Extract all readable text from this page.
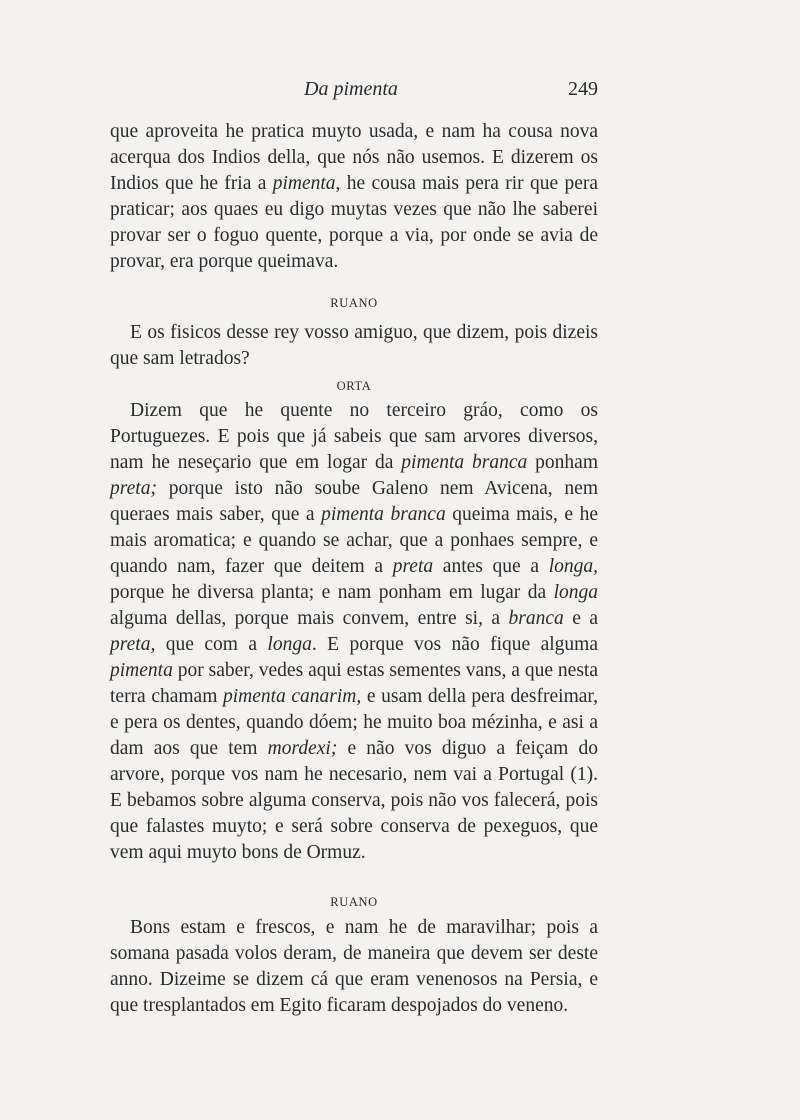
Da pimenta	249

que aproveita he pratica muyto usada, e nam ha cousa nova acerqua dos Indios della, que nós não usemos. E dizerem os Indios que he fria a pimenta, he cousa mais pera rir que pera praticar; aos quaes eu digo muytas vezes que não lhe saberei provar ser o foguo quente, porque a via, por onde se avia de provar, era porque queimava.

RUANO

E os fisicos desse rey vosso amiguo, que dizem, pois dizeis que sam letrados?

ORTA

Dizem que he quente no terceiro gráo, como os Portuguezes. E pois que já sabeis que sam arvores diversos, nam he neseçario que em logar da pimenta branca ponham preta; porque isto não soube Galeno nem Avicena, nem queraes mais saber, que a pimenta branca queima mais, e he mais aromatica; e quando se achar, que a ponhaes sempre, e quando nam, fazer que deitem a preta antes que a longa, porque he diversa planta; e nam ponham em lugar da longa alguma dellas, porque mais convem, entre si, a branca e a preta, que com a longa. E porque vos não fique alguma pimenta por saber, vedes aqui estas sementes vans, a que nesta terra chamam pimenta canarim, e usam della pera desfreimar, e pera os dentes, quando dóem; he muito boa mézinha, e asi a dam aos que tem mordexi; e não vos diguo a feiçam do arvore, porque vos nam he necesario, nem vai a Portugal (1). E bebamos sobre alguma conserva, pois não vos falecerá, pois que falastes muyto; e será sobre conserva de pexeguos, que vem aqui muyto bons de Ormuz.

RUANO

Bons estam e frescos, e nam he de maravilhar; pois a somana pasada volos deram, de maneira que devem ser deste anno. Dizeime se dizem cá que eram venenosos na Persia, e que tresplantados em Egito ficaram despojados do veneno.
